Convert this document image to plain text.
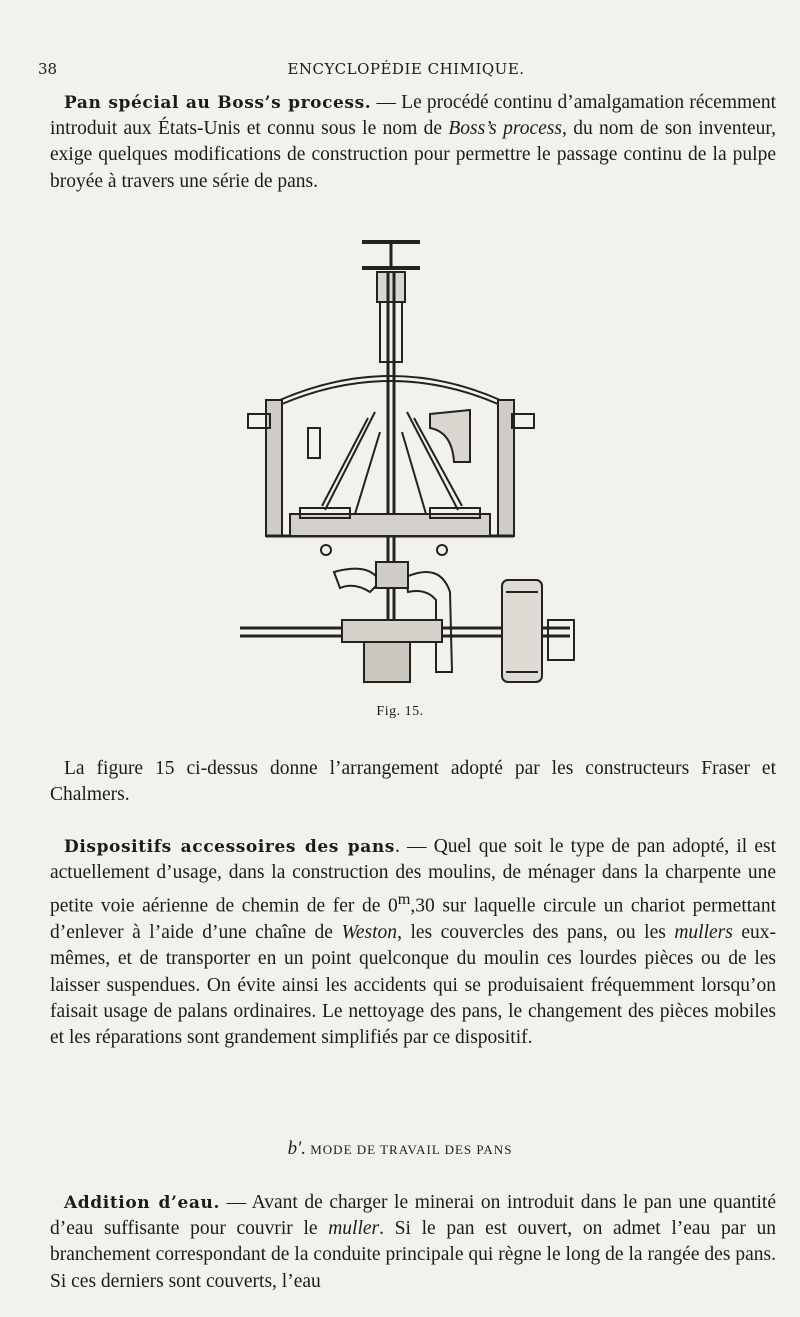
38	ENCYCLOPÉDIE CHIMIQUE.

Pan spécial au Boss’s process. — Le procédé continu d’amalgamation récemment introduit aux États-Unis et connu sous le nom de Boss’s process, du nom de son inventeur, exige quelques modifications de construction pour permettre le passage continu de la pulpe broyée à travers une série de pans.

Fig. 15.

La figure 15 ci-dessus donne l’arrangement adopté par les constructeurs Fraser et Chalmers.

Dispositifs accessoires des pans. — Quel que soit le type de pan adopté, il est actuellement d’usage, dans la construction des moulins, de ménager dans la charpente une petite voie aérienne de chemin de fer de 0$^m$,30 sur laquelle circule un chariot permettant d’enlever à l’aide d’une chaîne de Weston, les couvercles des pans, ou les mullers eux-mêmes, et de transporter en un point quelconque du moulin ces lourdes pièces ou de les laisser suspendues. On évite ainsi les accidents qui se produisaient fréquemment lorsqu’on faisait usage de palans ordinaires. Le nettoyage des pans, le changement des pièces mobiles et les réparations sont grandement simplifiés par ce dispositif.

b′. MODE DE TRAVAIL DES PANS

Addition d’eau. — Avant de charger le minerai on introduit dans le pan une quantité d’eau suffisante pour couvrir le muller. Si le pan est ouvert, on admet l’eau par un branchement correspondant de la conduite principale qui règne le long de la rangée des pans. Si ces derniers sont couverts, l’eau
